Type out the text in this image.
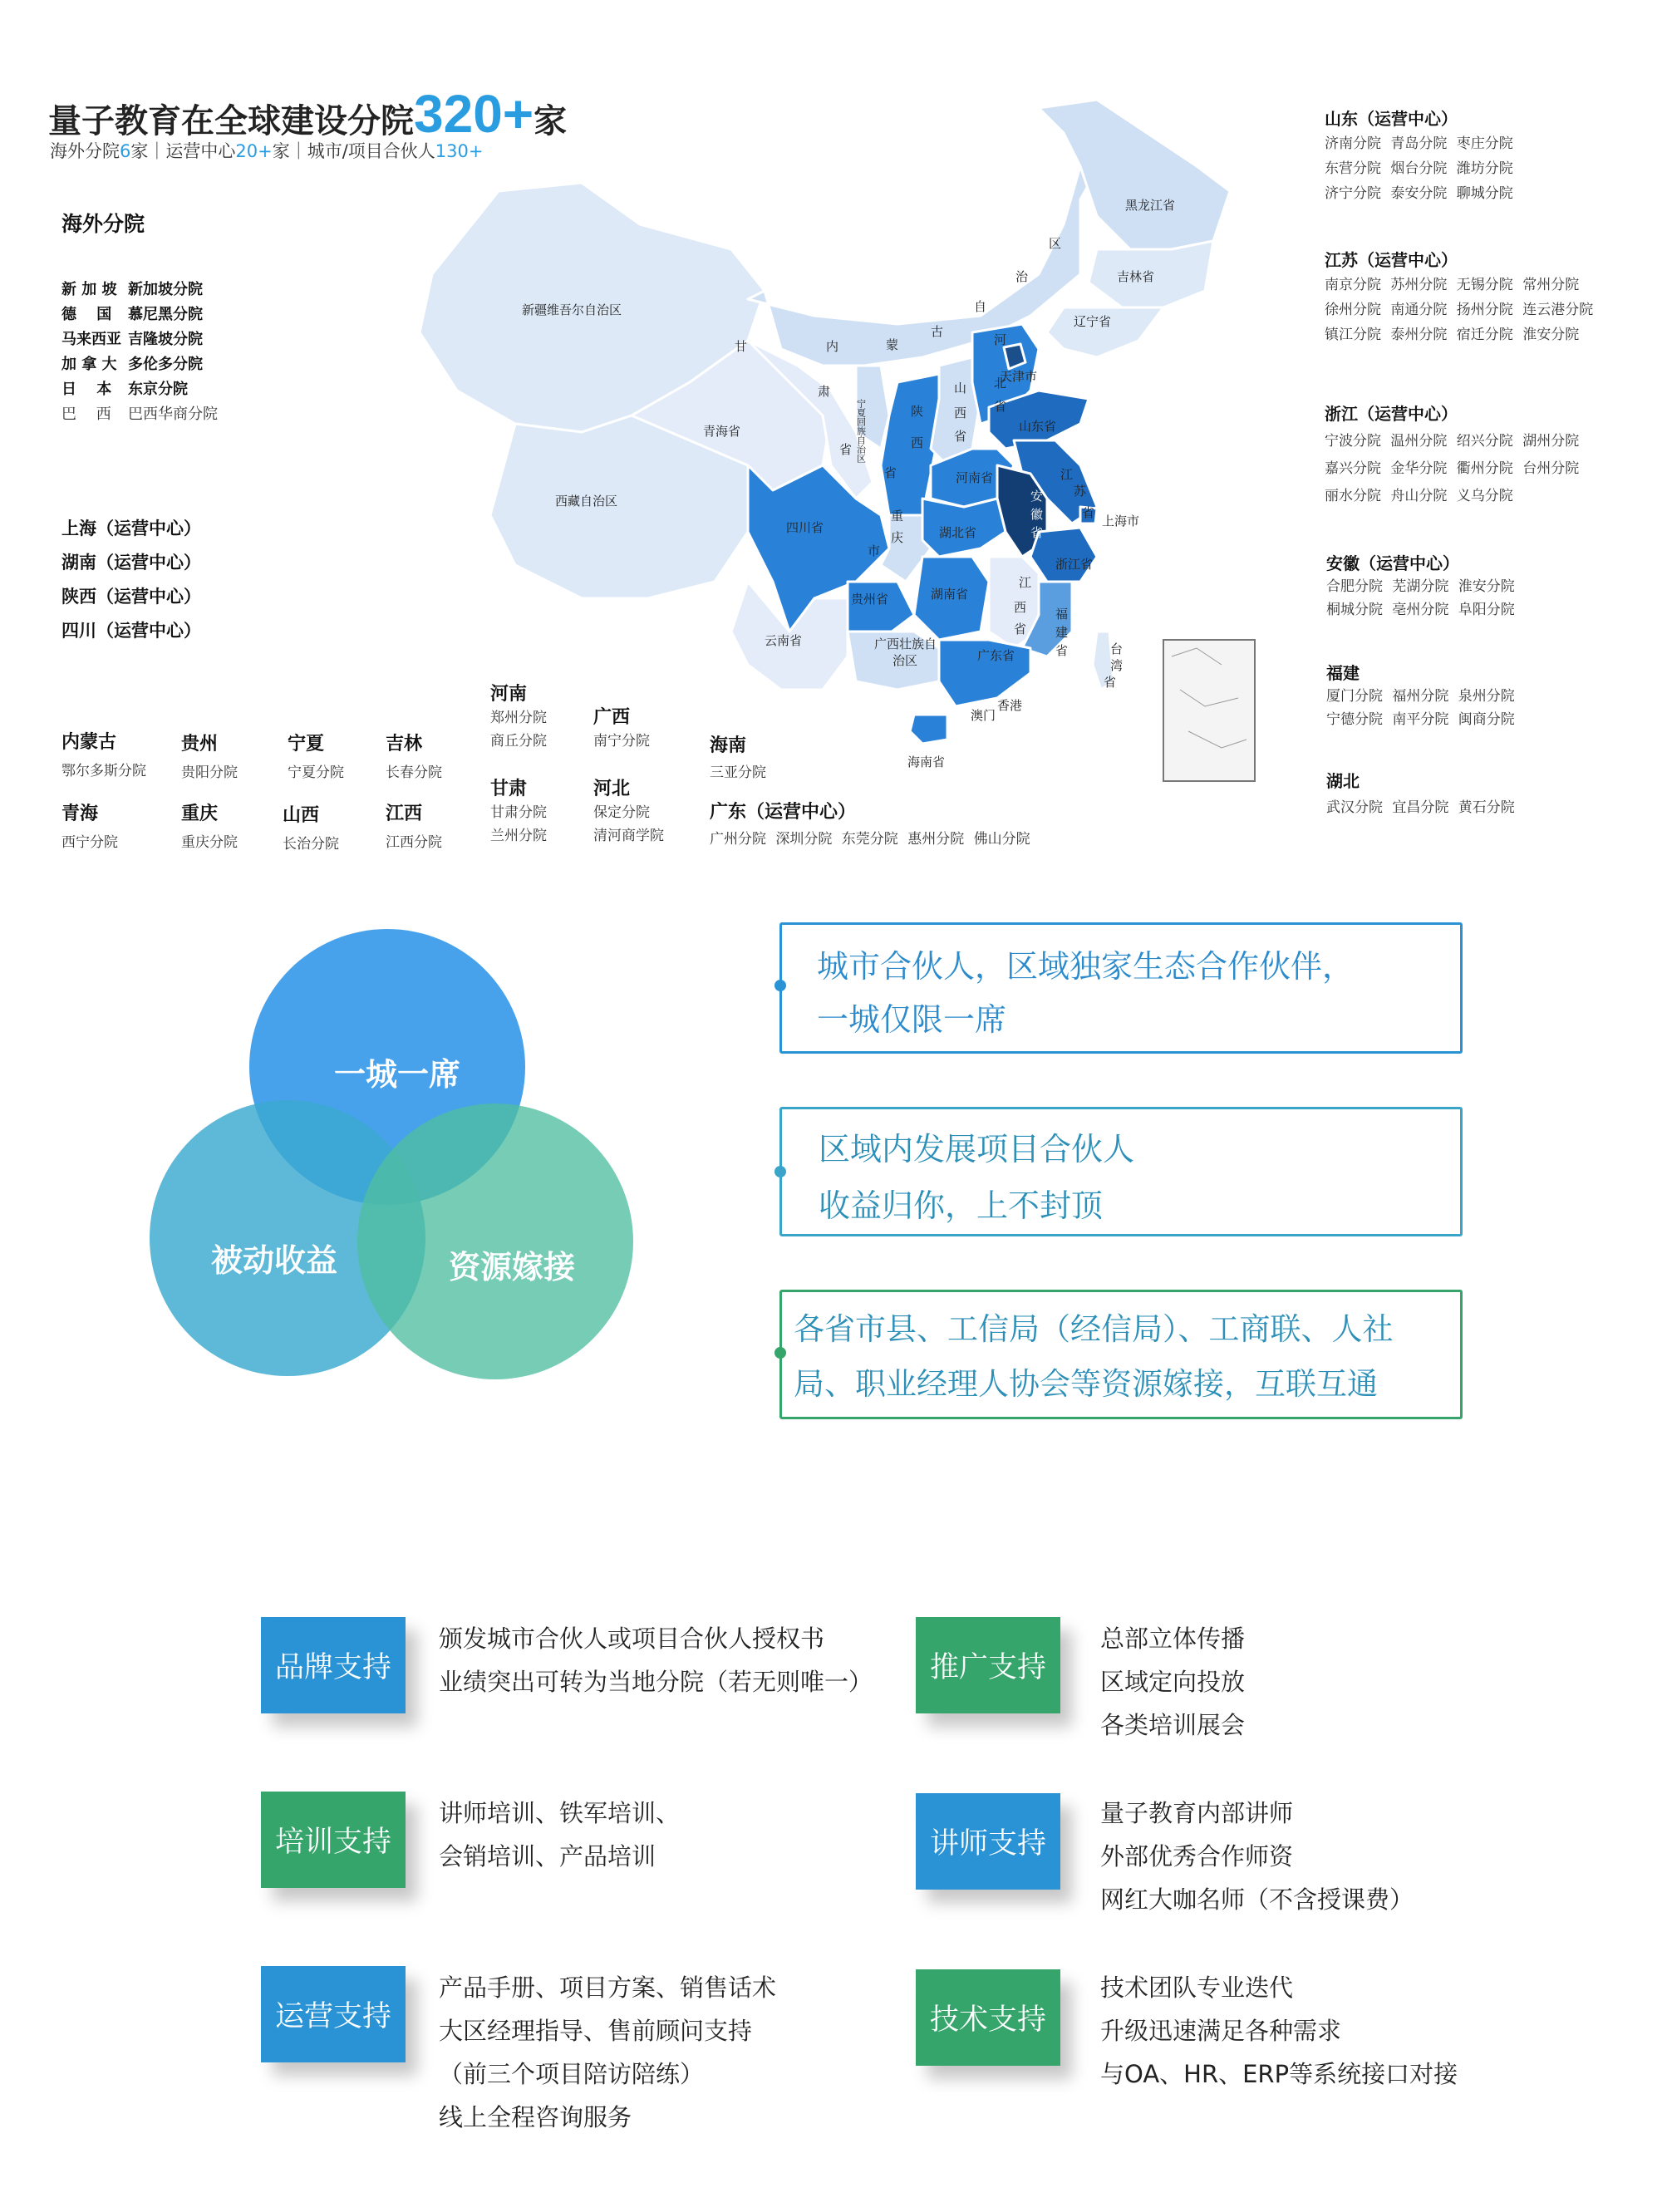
量子教育在全球建设分院320+家
海外分院6家｜运营中心20+家｜城市/项目合伙人130+
海外分院
新 加 坡 新加坡分院
德　 国 慕尼黑分院
马来西亚 吉隆坡分院
加 拿 大 多伦多分院
日　 本 东京分院
巴　 西 巴西华商分院
上海（运营中心）
湖南（运营中心）
陕西（运营中心）
四川（运营中心）
内蒙古
鄂尔多斯分院
贵州
贵阳分院
宁夏
宁夏分院
吉林
长春分院
青海
西宁分院
重庆
重庆分院
山西
长治分院
江西
江西分院
河南
郑州分院
商丘分院
广西
南宁分院
甘肃
甘肃分院
兰州分院
河北
保定分院
清河商学院
海南
三亚分院
广东（运营中心）
广州分院 深圳分院 东莞分院 惠州分院 佛山分院
山东（运营中心）
济南分院 青岛分院 枣庄分院
东营分院 烟台分院 潍坊分院
济宁分院 泰安分院 聊城分院
江苏（运营中心）
南京分院 苏州分院 无锡分院 常州分院
徐州分院 南通分院 扬州分院 连云港分院
镇江分院 泰州分院 宿迁分院 淮安分院
浙江（运营中心）
宁波分院 温州分院 绍兴分院 湖州分院
嘉兴分院 金华分院 衢州分院 台州分院
丽水分院 舟山分院 义乌分院
安徽（运营中心）
合肥分院 芜湖分院 淮安分院
桐城分院 亳州分院 阜阳分院
福建
厦门分院 福州分院 泉州分院
宁德分院 南平分院 闽商分院
湖北
武汉分院 宜昌分院 黄石分院
黑龙江省
吉林省
辽宁省
新疆维吾尔自治区
西藏自治区
青海省
天津市
山东省
河南省
上海市
湖北省
四川省
浙江省
湖南省
贵州省
云南省	广西壮族自
治区	广东省
香港
澳门
海南省
甘
肃
省
内	蒙
古
自
治
区
陕
西
省
山
西
省
河
北
省
江
苏
省
安
徽
省
重
庆
市
江
西
省
福
建
省	台
湾
省
宁夏回族自治区
一城一席
被动收益	资源嫁接
城市合伙人，区域独家生态合作伙伴，
一城仅限一席
区域内发展项目合伙人
收益归你，上不封顶
各省市县、工信局（经信局）、工商联、人社
局、职业经理人协会等资源嫁接，互联互通
品牌支持
颁发城市合伙人或项目合伙人授权书
业绩突出可转为当地分院（若无则唯一）	推广支持
总部立体传播
区域定向投放
各类培训展会
培训支持
讲师培训、铁军培训、
会销培训、产品培训	讲师支持
量子教育内部讲师
外部优秀合作师资
网红大咖名师（不含授课费）
运营支持
产品手册、项目方案、销售话术
大区经理指导、售前顾问支持
（前三个项目陪访陪练）
线上全程咨询服务
技术支持
技术团队专业迭代
升级迅速满足各种需求
与OA、HR、ERP等系统接口对接
